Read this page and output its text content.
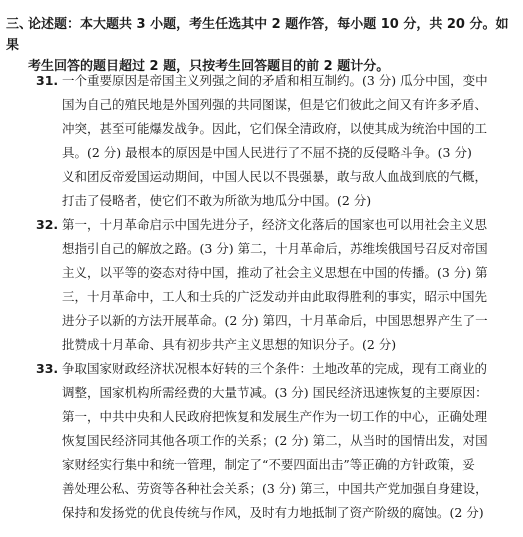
三、论述题：本大题共 3 小题，考生任选其中 2 题作答，每小题 10 分，共 20 分。如果
考生回答的题目超过 2 题，只按考生回答题目的前 2 题计分。
31. 一个重要原因是帝国主义列强之间的矛盾和相互制约。(3 分) 瓜分中国，变中
国为自己的殖民地是外国列强的共同图谋，但是它们彼此之间又有许多矛盾、
冲突，甚至可能爆发战争。因此，它们保全清政府，以使其成为统治中国的工
具。(2 分) 最根本的原因是中国人民进行了不屈不挠的反侵略斗争。(3 分)
义和团反帝爱国运动期间，中国人民以不畏强暴，敢与敌人血战到底的气概，
打击了侵略者，使它们不敢为所欲为地瓜分中国。(2 分)
32. 第一，十月革命启示中国先进分子，经济文化落后的国家也可以用社会主义思
想指引自己的解放之路。(3 分) 第二，十月革命后，苏维埃俄国号召反对帝国
主义，以平等的姿态对待中国，推动了社会主义思想在中国的传播。(3 分) 第
三，十月革命中，工人和士兵的广泛发动并由此取得胜利的事实，昭示中国先
进分子以新的方法开展革命。(2 分) 第四，十月革命后，中国思想界产生了一
批赞成十月革命、具有初步共产主义思想的知识分子。(2 分)
33. 争取国家财政经济状况根本好转的三个条件：土地改革的完成，现有工商业的
调整，国家机构所需经费的大量节减。(3 分) 国民经济迅速恢复的主要原因：
第一，中共中央和人民政府把恢复和发展生产作为一切工作的中心，正确处理
恢复国民经济同其他各项工作的关系；(2 分) 第二，从当时的国情出发，对国
家财经实行集中和统一管理，制定了“不要四面出击”等正确的方针政策，妥
善处理公私、劳资等各种社会关系；(3 分) 第三，中国共产党加强自身建设，
保持和发扬党的优良传统与作风，及时有力地抵制了资产阶级的腐蚀。(2 分)
